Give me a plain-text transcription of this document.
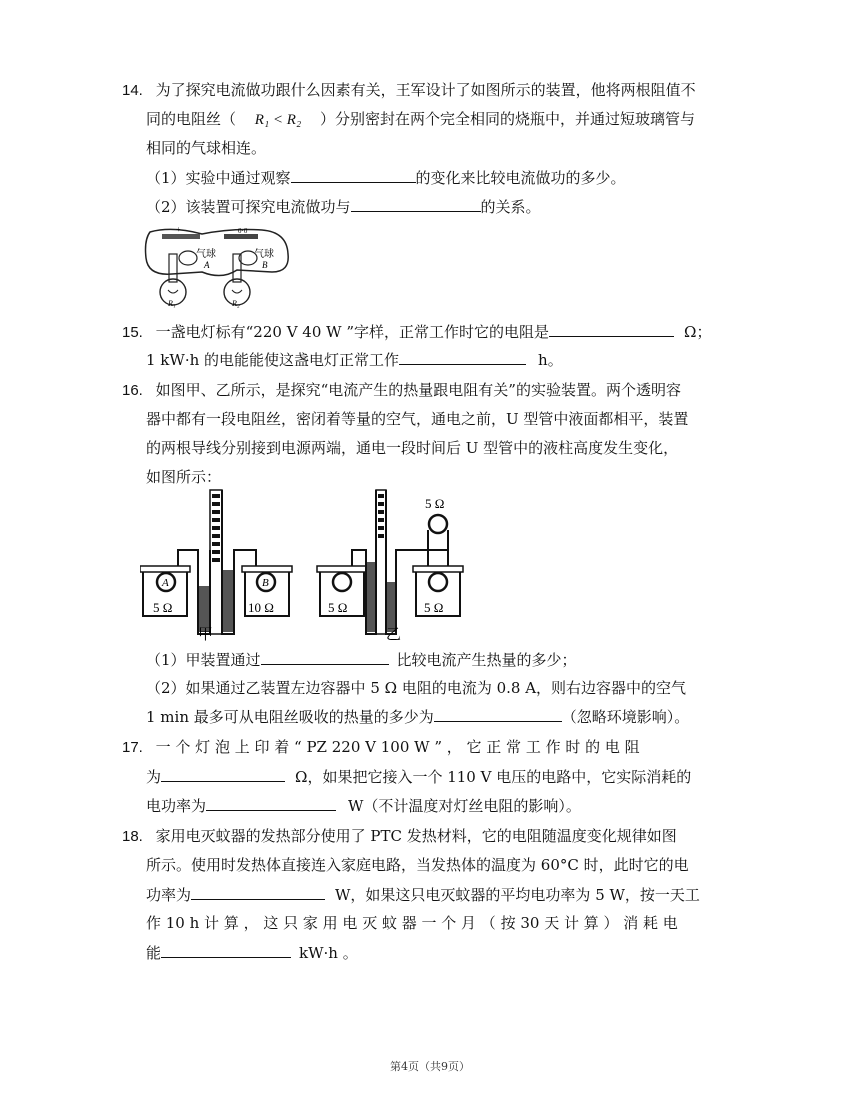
14. 为了探究电流做功跟什么因素有关，王军设计了如图所示的装置，他将两根阻值不
同的电阻丝（ R₁ < R₂ ）分别密封在两个完全相同的烧瓶中，并通过短玻璃管与
相同的气球相连。
（1）实验中通过观察	的变化来比较电流做功的多少。
（2）该装置可探究电流做功与	的关系。
+	0·0
气球
A
气球
B
R₁	R₂
15. 一盏电灯标有“220 V 40 W ”字样，正常工作时它的电阻是	Ω；
1 kW·h 的电能能使这盏电灯正常工作	h。
16. 如图甲、乙所示，是探究“电流产生的热量跟电阻有关”的实验装置。两个透明容
器中都有一段电阻丝，密闭着等量的空气，通电之前，U 型管中液面都相平，装置
的两根导线分别接到电源两端，通电一段时间后 U 型管中的液柱高度发生变化，
如图所示：
A
5 Ω
B
10 Ω
甲
5 Ω	5 Ω
5 Ω
乙
（1）甲装置通过	比较电流产生热量的多少；
（2）如果通过乙装置左边容器中 5 Ω 电阻的电流为 0.8 A，则右边容器中的空气
1 min 最多可从电阻丝吸收的热量的多少为	（忽略环境影响）。
17. 一 个 灯 泡 上 印 着 “ PZ 220 V 100 W ” ， 它 正 常 工 作 时 的 电 阻
为	Ω，如果把它接入一个 110 V 电压的电路中，它实际消耗的
电功率为	W（不计温度对灯丝电阻的影响）。
18. 家用电灭蚊器的发热部分使用了 PTC 发热材料，它的电阻随温度变化规律如图
所示。使用时发热体直接连入家庭电路，当发热体的温度为 60°C 时，此时它的电
功率为	W，如果这只电灭蚊器的平均电功率为 5 W，按一天工
作 10 h 计 算 ， 这 只 家 用 电 灭 蚊 器 一 个 月 （ 按 30 天 计 算 ） 消 耗 电
能	kW·h 。
第4页（共9页）
